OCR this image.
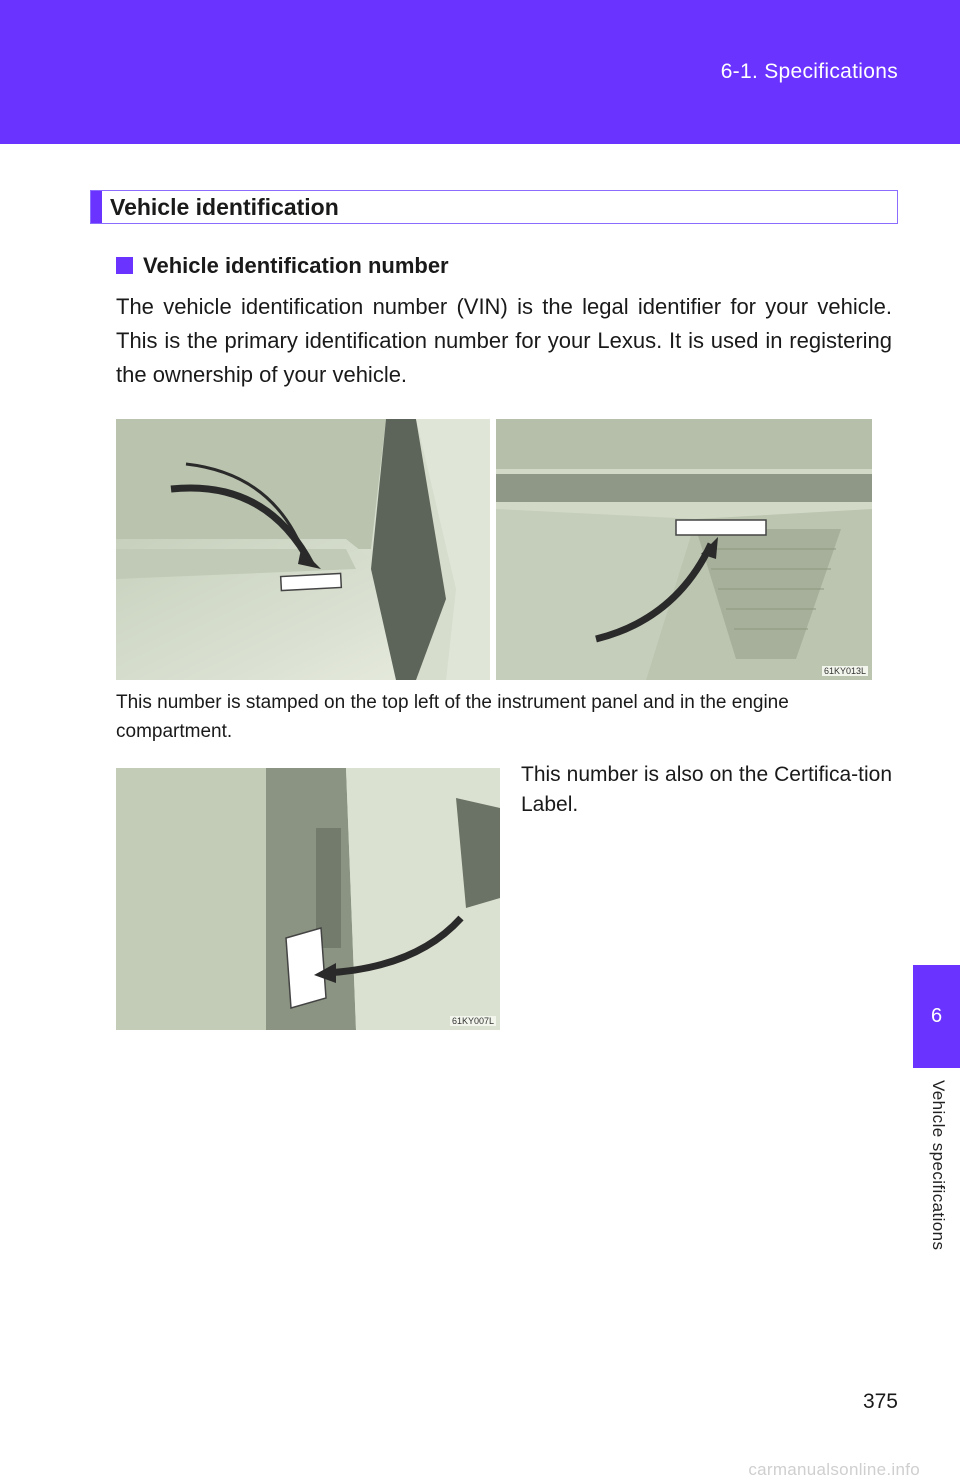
6-1. Specifications
6
Vehicle specifications
Vehicle identification
Vehicle identification number
The vehicle identification number (VIN) is the legal identifier for your vehicle. This is the primary identification number for your Lexus. It is used in registering the ownership of your vehicle.
61KY013L
This number is stamped on the top left of the instrument panel and in the engine compartment.
61KY007L
This number is also on the Certifica-tion Label.
375
carmanualsonline.info
